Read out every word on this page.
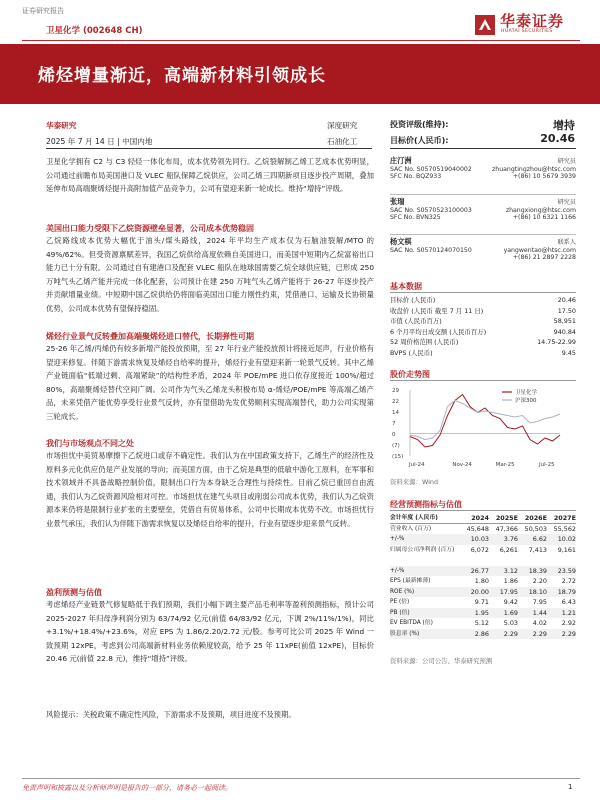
证券研究报告
卫星化学 (002648 CH)
华泰证券
HUATAI SECURITIES
烯烃增量渐近，高端新材料引领成长
华泰研究
2025 年 7 月 14 日 | 中国内地
深度研究
石油化工
投资评级(维持):	增持
目标价(人民币):	20.46
卫星化学拥有 C2 与 C3 轻烃一体化布局，成本优势领先同行。乙烷裂解制乙烯工艺成本优势明显，公司通过前瞻布局美国港口及 VLEC 船队保障乙烷供应，公司乙烯三四期新项目逐步投产周期，叠加延伸布局高端聚烯烃提升高附加值产品竞争力，公司有望迎来新一轮成长。维持“增持”评级。
美国出口能力受限下乙烷资源壁垒显著，公司成本优势稳固
乙烷路线成本优势大幅优于油头/煤头路线，2024 年平均生产成本仅为石脑油裂解/MTO 的 49%/62%。但受资源禀赋差异，我国乙烷供给高度依赖自美国进口，而美国中短期内乙烷富裕出口能力已十分有限。公司通过自有建港口及配套 VLEC 船队在地球国需要乙烷全球供应链，已形成 250 万吨气头乙烯产能并完成一体化配套，公司预计在建 250 万吨气头乙烯产能将于 26-27 年逐步投产并贡献增量业绩。中短期中国乙烷供给仍将面临美国出口能力刚性约束，凭借港口、运输及长协锁量优势，公司成本优势有望保持稳固。
烯烃行业景气反转叠加高端聚烯烃进口替代，长期弹性可期
25-26 年乙烯/丙烯仍有较多新增产能投放预期，至 27 年行业产能投放预计将接近尾声，行业价格有望迎来修复。伴随下游需求恢复及烯烃自给率的提升，烯烃行业有望迎来新一轮景气反转。其中乙烯产业链面临“低端过剩、高端紧缺”的结构性矛盾，2024 年 POE/mPE 进口依存度接近 100%/超过 80%，高端聚烯烃替代空间广阔。公司作为气头乙烯龙头积极布局 α-烯烃/POE/mPE 等高端乙烯产品，未来凭借产能优势享受行业景气反转，亦有望借助先发优势顺利实现高端替代，助力公司实现第三轮成长。
我们与市场观点不同之处
市场担忧中美贸易摩擦下乙烷进口或存不确定性。我们认为在中国政策支持下，乙烯生产的经济性及原料多元化供应仍是产业发展的导向；而美国方面，由于乙烷是典型的低敏中游化工原料，在军事和技术领域并不具备战略控制价值，限制出口行为本身缺乏合理性与持续性。目前乙烷已重回自由流通，我们认为乙烷资源风险相对可控。市场担忧在建气头项目或削弱公司成本优势，我们认为乙烷资源本来仍将是限制行业扩张的主要壁垒，凭借自有贸易体系，公司中长期成本优势不改。市场担忧行业景气承压，我们认为伴随下游需求恢复以及烯烃自给率的提升，行业有望逐步迎来景气反转。
盈利预测与估值
考虑烯烃产业链景气修复略低于我们预期，我们小幅下调主要产品毛利率等盈利预测指标，预计公司 2025-2027 年归母净利润分别为 63/74/92 亿元(前值 64/83/92 亿元，下调 2%/11%/1%)，同比+3.1%/+18.4%/+23.6%，对应 EPS 为 1.86/2.20/2.72 元/股。参考可比公司 2025 年 Wind 一致预期 12xPE，考虑到公司高端新材料业务依赖度较高，给予 25 年 11xPE(前值 12xPE)，目标价 20.46 元(前值 22.8 元)，维持“增持”评级。
风险提示：关税政策不确定性风险，下游需求不及预期，项目进度不及预期。
庄汀洲	研究员
SAC No. S0570519040002	zhuangtingzhou@htsc.com
SFC No. BQZ933	+(86) 10 5679 3939
张瑞	研究员
SAC No. S0570523100003	zhangxiong@htsc.com
SFC No. BVN325	+(86) 10 6321 1166
杨文棋	联系人
SAC No. S0570124070150	yangwentao@htsc.com
+(86) 21 2897 2228
基本数据
目标价 (人民币)	20.46
收盘价 (人民币 截至 7 月 11 日)	17.50
市值 (人民币百万)	58,951
6 个月平均日成交额 (人民币百万)	940.84
52 周价格范围 (人民币)	14.75-22.99
BVPS (人民币)	9.45
股价走势图
29
22
14
7
0
(7)
(15)
Jul-24	Nov-24	Mar-25	Jul-25
卫星化学
沪深300
资料来源：Wind
经营预测指标与估值
会计年度 (人民币)	2024	2025E	2026E	2027E
营业收入 (百万)	45,648	47,366	50,503	55,562
+/-%	10.03	3.76	6.62	10.02
归属母公司净利润 (百万)	6,072	6,261	7,413	9,161
+/-%	26.77	3.12	18.39	23.59
EPS (最新摊薄)	1.80	1.86	2.20	2.72
ROE (%)	20.00	17.95	18.10	18.79
PE (倍)	9.71	9.42	7.95	6.43
PB (倍)	1.95	1.69	1.44	1.21
EV EBITDA (倍)	5.12	5.03	4.02	2.92
股息率 (%)	2.86	2.29	2.29	2.29
资料来源：公司公告、华泰研究预测
免责声明和披露以及分析师声明是报告的一部分，请务必一起阅读。	1
